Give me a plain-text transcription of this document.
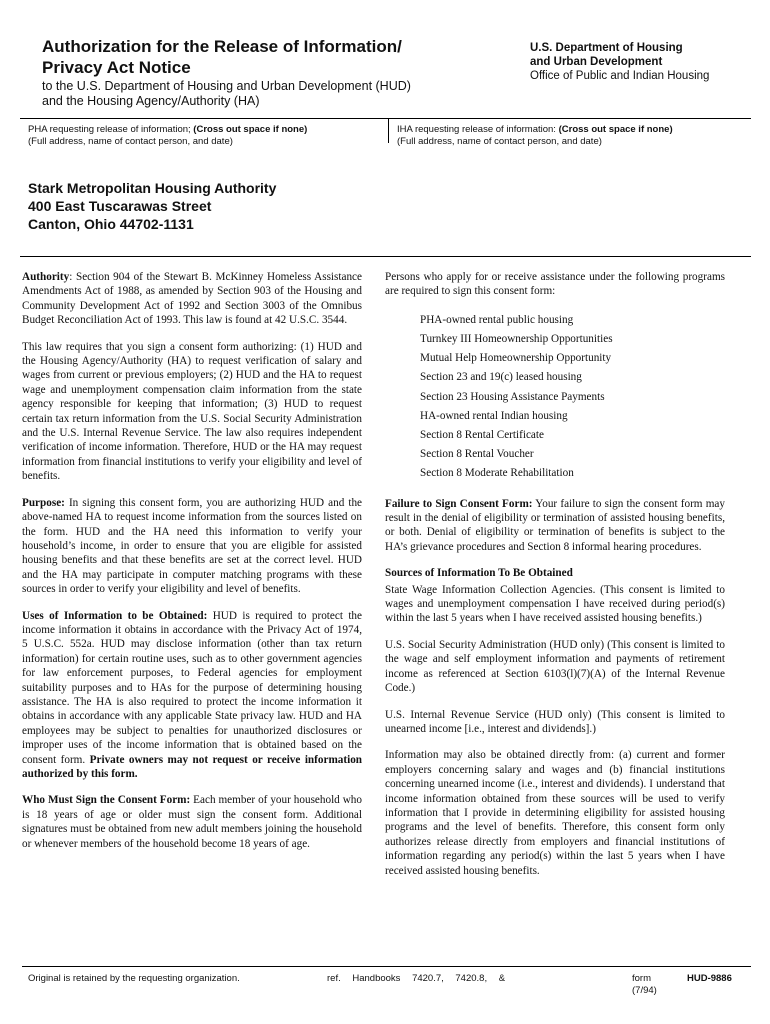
Authorization for the Release of Information/
Privacy Act Notice
to the U.S. Department of Housing and Urban Development (HUD)
and the Housing Agency/Authority (HA)
U.S. Department of Housing
and Urban Development
Office of Public and Indian Housing
PHA requesting release of information; (Cross out space if none)
(Full address, name of contact person, and date)
IHA requesting release of information: (Cross out space if none)
(Full address, name of contact person, and date)
Stark Metropolitan Housing Authority
400 East Tuscarawas Street
Canton, Ohio 44702-1131

Authority: Section 904 of the Stewart B. McKinney Homeless Assistance Amendments Act of 1988, as amended by Section 903 of the Housing and Community Development Act of 1992 and Section 3003 of the Omnibus Budget Reconciliation Act of 1993. This law is found at 42 U.S.C. 3544.

This law requires that you sign a consent form authorizing: (1) HUD and the Housing Agency/Authority (HA) to request verification of salary and wages from current or previous employers; (2) HUD and the HA to request wage and unemployment compensation claim information from the state agency responsible for keeping that information; (3) HUD to request certain tax return information from the U.S. Social Security Administration and the U.S. Internal Revenue Service. The law also requires independent verification of income information. Therefore, HUD or the HA may request information from financial institutions to verify your eligibility and level of benefits.

Purpose: In signing this consent form, you are authorizing HUD and the above-named HA to request income information from the sources listed on the form. HUD and the HA need this information to verify your household’s income, in order to ensure that you are eligible for assisted housing benefits and that these benefits are set at the correct level. HUD and the HA may participate in computer matching programs with these sources in order to verify your eligibility and level of benefits.

Uses of Information to be Obtained: HUD is required to protect the income information it obtains in accordance with the Privacy Act of 1974, 5 U.S.C. 552a. HUD may disclose information (other than tax return information) for certain routine uses, such as to other government agencies for law enforcement purposes, to Federal agencies for employment suitability purposes and to HAs for the purpose of determining housing assistance. The HA is also required to protect the income information it obtains in accordance with any applicable State privacy law. HUD and HA employees may be subject to penalties for unauthorized disclosures or improper uses of the income information that is obtained based on the consent form. Private owners may not request or receive information authorized by this form.

Who Must Sign the Consent Form: Each member of your household who is 18 years of age or older must sign the consent form. Additional signatures must be obtained from new adult members joining the household or whenever members of the household become 18 years of age.

Persons who apply for or receive assistance under the following programs are required to sign this consent form:

PHA-owned rental public housing
Turnkey III Homeownership Opportunities
Mutual Help Homeownership Opportunity
Section 23 and 19(c) leased housing
Section 23 Housing Assistance Payments
HA-owned rental Indian housing
Section 8 Rental Certificate
Section 8 Rental Voucher
Section 8 Moderate Rehabilitation

Failure to Sign Consent Form: Your failure to sign the consent form may result in the denial of eligibility or termination of assisted housing benefits, or both. Denial of eligibility or termination of benefits is subject to the HA’s grievance procedures and Section 8 informal hearing procedures.

Sources of Information To Be Obtained

State Wage Information Collection Agencies. (This consent is limited to wages and unemployment compensation I have received during period(s) within the last 5 years when I have received assisted housing benefits.)

U.S. Social Security Administration (HUD only) (This consent is limited to the wage and self employment information and payments of retirement income as referenced at Section 6103(l)(7)(A) of the Internal Revenue Code.)

U.S. Internal Revenue Service (HUD only) (This consent is limited to unearned income [i.e., interest and dividends].)

Information may also be obtained directly from: (a) current and former employers concerning salary and wages and (b) financial institutions concerning unearned income (i.e., interest and dividends). I understand that income information obtained from these sources will be used to verify information that I provide in determining eligibility for assisted housing programs and the level of benefits. Therefore, this consent form only authorizes release directly from employers and financial institutions of information regarding any period(s) within the last 5 years when I have received assisted housing benefits.

Original is retained by the requesting organization.	ref. Handbooks 7420.7, 7420.8, &	form
(7/94)
HUD-9886
